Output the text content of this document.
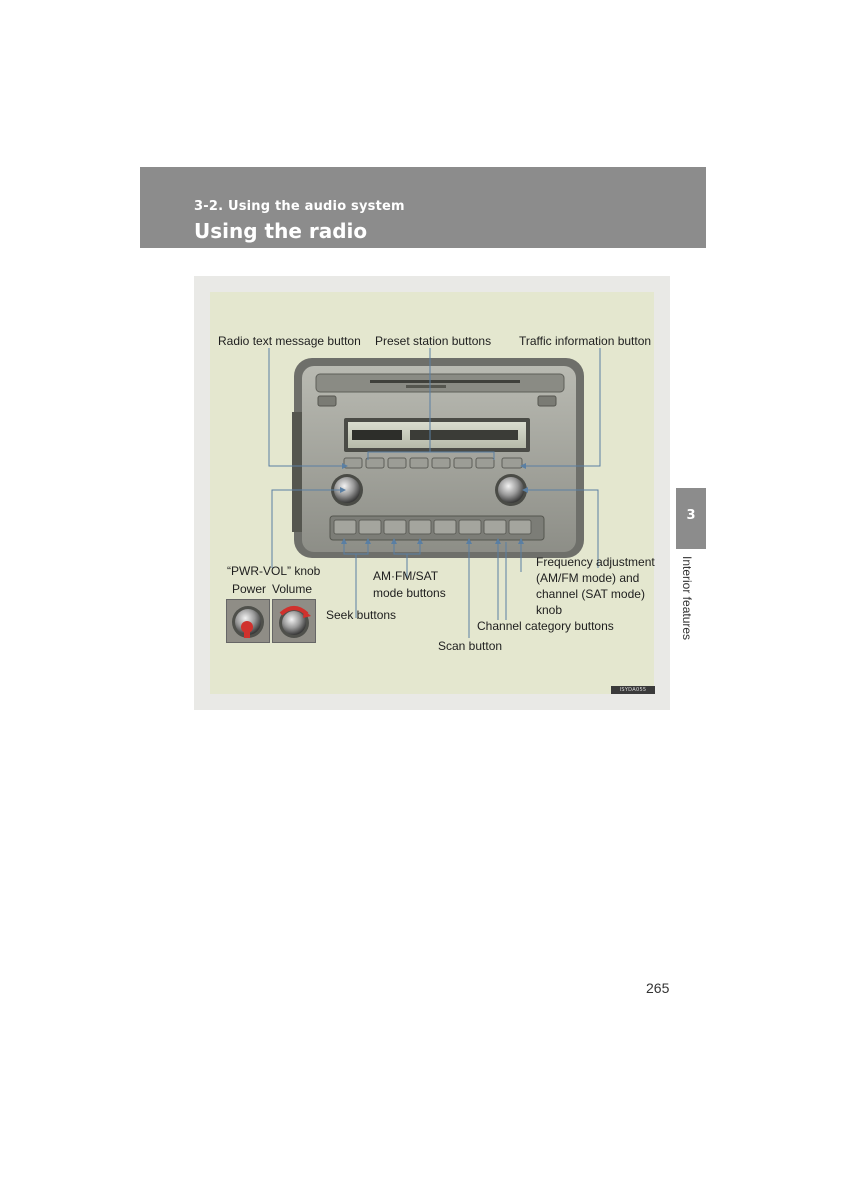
3-2. Using the audio system
Using the radio
Radio text message button Preset station buttons Traffic information button
“PWR-VOL” knob
Power Volume
AM·FM/SAT
mode buttons
Seek buttons
Frequency adjustment
(AM/FM mode) and
channel (SAT mode)
knob
Channel category buttons
Scan button
ISYDA055
3
Interior features
265
